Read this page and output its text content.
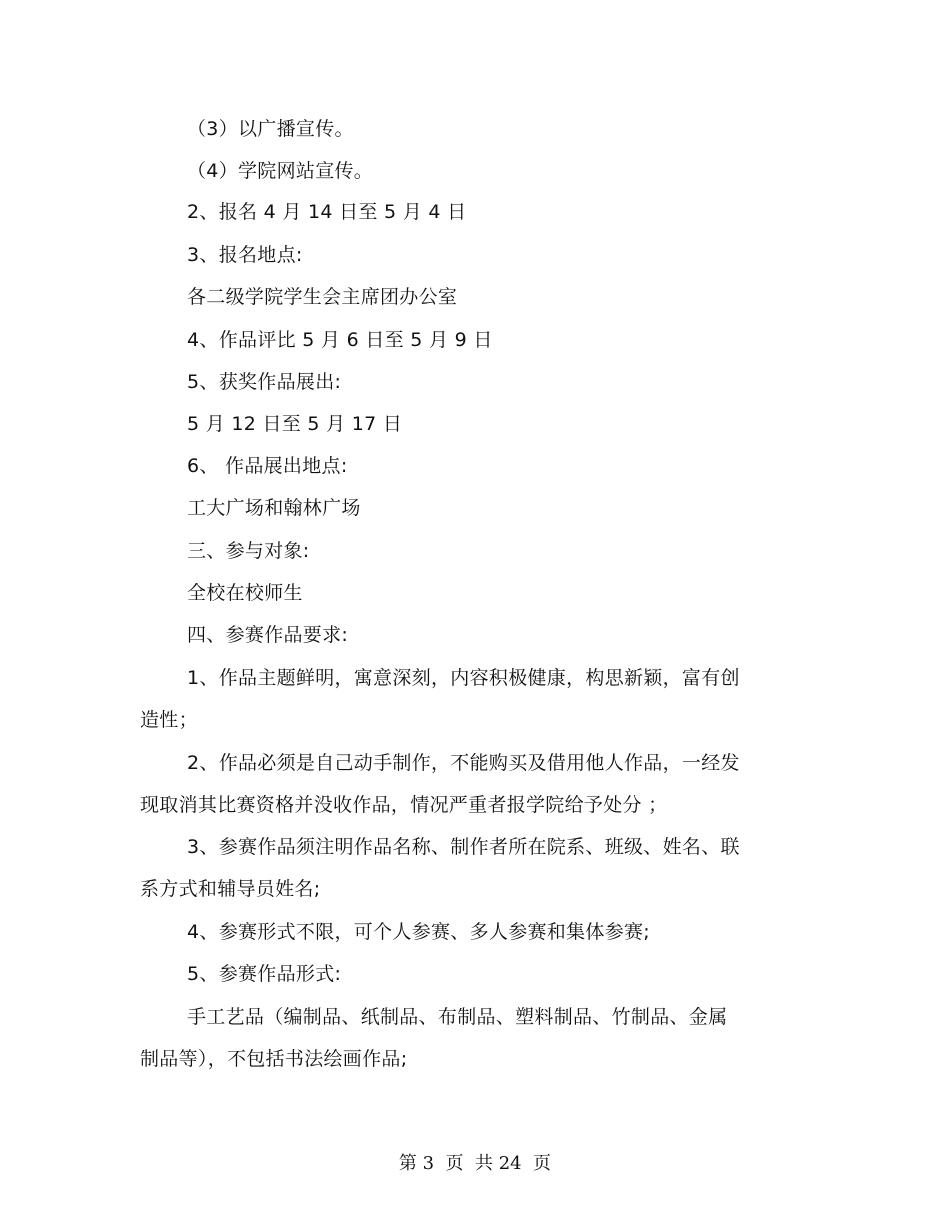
（3）以广播宣传。
（4）学院网站宣传。
2、报名 4 月 14 日至 5 月 4 日
3、报名地点:
各二级学院学生会主席团办公室
4、作品评比 5 月 6 日至 5 月 9 日
5、获奖作品展出:
5 月 12 日至 5 月 17 日
6、 作品展出地点:
工大广场和翰林广场
三、参与对象:
全校在校师生
四、参赛作品要求:
1、作品主题鲜明，寓意深刻，内容积极健康，构思新颖，富有创
造性；
2、作品必须是自己动手制作，不能购买及借用他人作品，一经发
现取消其比赛资格并没收作品，情况严重者报学院给予处分 ；
3、参赛作品须注明作品名称、制作者所在院系、班级、姓名、联
系方式和辅导员姓名;
4、参赛形式不限，可个人参赛、多人参赛和集体参赛;
5、参赛作品形式:
手工艺品（编制品、纸制品、布制品、塑料制品、竹制品、金属
制品等），不包括书法绘画作品;
第 3  页  共 24  页
